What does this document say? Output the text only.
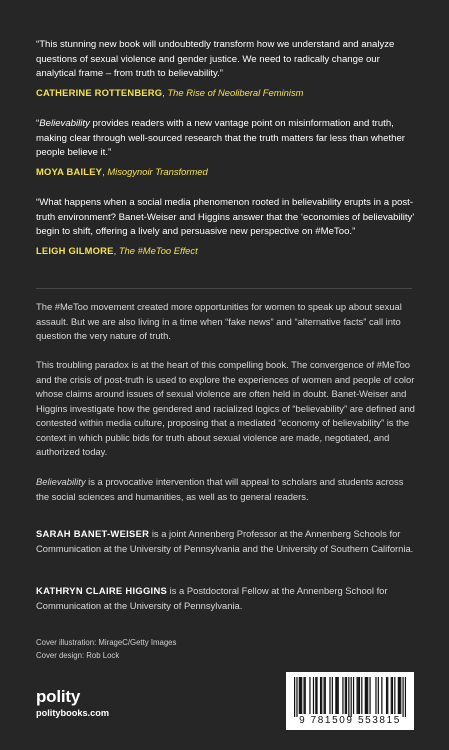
“This stunning new book will undoubtedly transform how we understand and analyze questions of sexual violence and gender justice. We need to radically change our analytical frame – from truth to believability.”

CATHERINE ROTTENBERG, The Rise of Neoliberal Feminism

“Believability provides readers with a new vantage point on misinformation and truth, making clear through well-sourced research that the truth matters far less than whether people believe it.”

MOYA BAILEY, Misogynoir Transformed

“What happens when a social media phenomenon rooted in believability erupts in a post-truth environment? Banet-Weiser and Higgins answer that the ‘economies of believability’ begin to shift, offering a lively and persuasive new perspective on #MeToo.”

LEIGH GILMORE, The #MeToo Effect

The #MeToo movement created more opportunities for women to speak up about sexual assault. But we are also living in a time when “fake news” and “alternative facts” call into question the very nature of truth.

This troubling paradox is at the heart of this compelling book. The convergence of #MeToo and the crisis of post-truth is used to explore the experiences of women and people of color whose claims around issues of sexual violence are often held in doubt. Banet-Weiser and Higgins investigate how the gendered and racialized logics of “believability” are defined and contested within media culture, proposing that a mediated “economy of believability” is the context in which public bids for truth about sexual violence are made, negotiated, and authorized today.

Believability is a provocative intervention that will appeal to scholars and students across the social sciences and humanities, as well as to general readers.

SARAH BANET-WEISER is a joint Annenberg Professor at the Annenberg Schools for Communication at the University of Pennsylvania and the University of Southern California.

KATHRYN CLAIRE HIGGINS is a Postdoctoral Fellow at the Annenberg School for Communication at the University of Pennsylvania.

Cover illustration: MirageC/Getty Images
Cover design: Rob Lock
polity
politybooks.com
9 781509 553815
